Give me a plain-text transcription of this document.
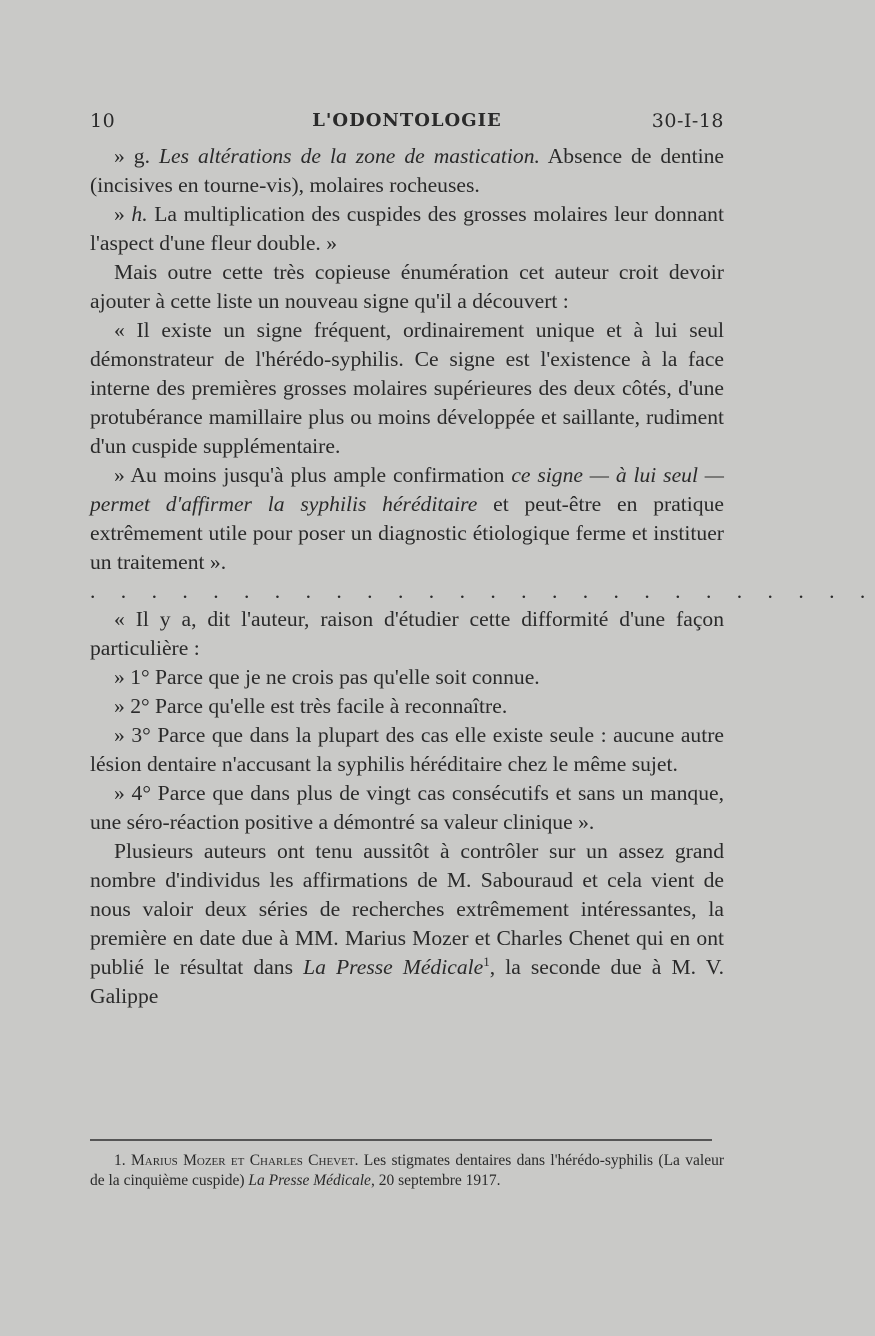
10	L'ODONTOLOGIE	30-I-18

» g. Les altérations de la zone de mastication. Absence de dentine (incisives en tourne-vis), molaires rocheuses.

» h. La multiplication des cuspides des grosses molaires leur donnant l'aspect d'une fleur double. »

Mais outre cette très copieuse énumération cet auteur croit devoir ajouter à cette liste un nouveau signe qu'il a découvert :

« Il existe un signe fréquent, ordinairement unique et à lui seul démonstrateur de l'hérédo-syphilis. Ce signe est l'existence à la face interne des premières grosses molaires supérieures des deux côtés, d'une protubérance mamillaire plus ou moins développée et saillante, rudiment d'un cuspide supplémentaire.

» Au moins jusqu'à plus ample confirmation ce signe — à lui seul — permet d'affirmer la syphilis héréditaire et peut-être en pratique extrêmement utile pour poser un diagnostic étiologique ferme et instituer un traitement ».

. . . . . . . . . . . . . . . . . . . . . . . . . .

« Il y a, dit l'auteur, raison d'étudier cette difformité d'une façon particulière :

» 1° Parce que je ne crois pas qu'elle soit connue.

» 2° Parce qu'elle est très facile à reconnaître.

» 3° Parce que dans la plupart des cas elle existe seule : aucune autre lésion dentaire n'accusant la syphilis héréditaire chez le même sujet.

» 4° Parce que dans plus de vingt cas consécutifs et sans un manque, une séro-réaction positive a démontré sa valeur clinique ».

Plusieurs auteurs ont tenu aussitôt à contrôler sur un assez grand nombre d'individus les affirmations de M. Sabouraud et cela vient de nous valoir deux séries de recherches extrêmement intéressantes, la première en date due à MM. Marius Mozer et Charles Chenet qui en ont publié le résultat dans La Presse Médicale$^1$, la seconde due à M. V. Galippe

1. Marius Mozer et Charles Chevet. Les stigmates dentaires dans l'hérédo-syphilis (La valeur de la cinquième cuspide) La Presse Médicale, 20 septembre 1917.
